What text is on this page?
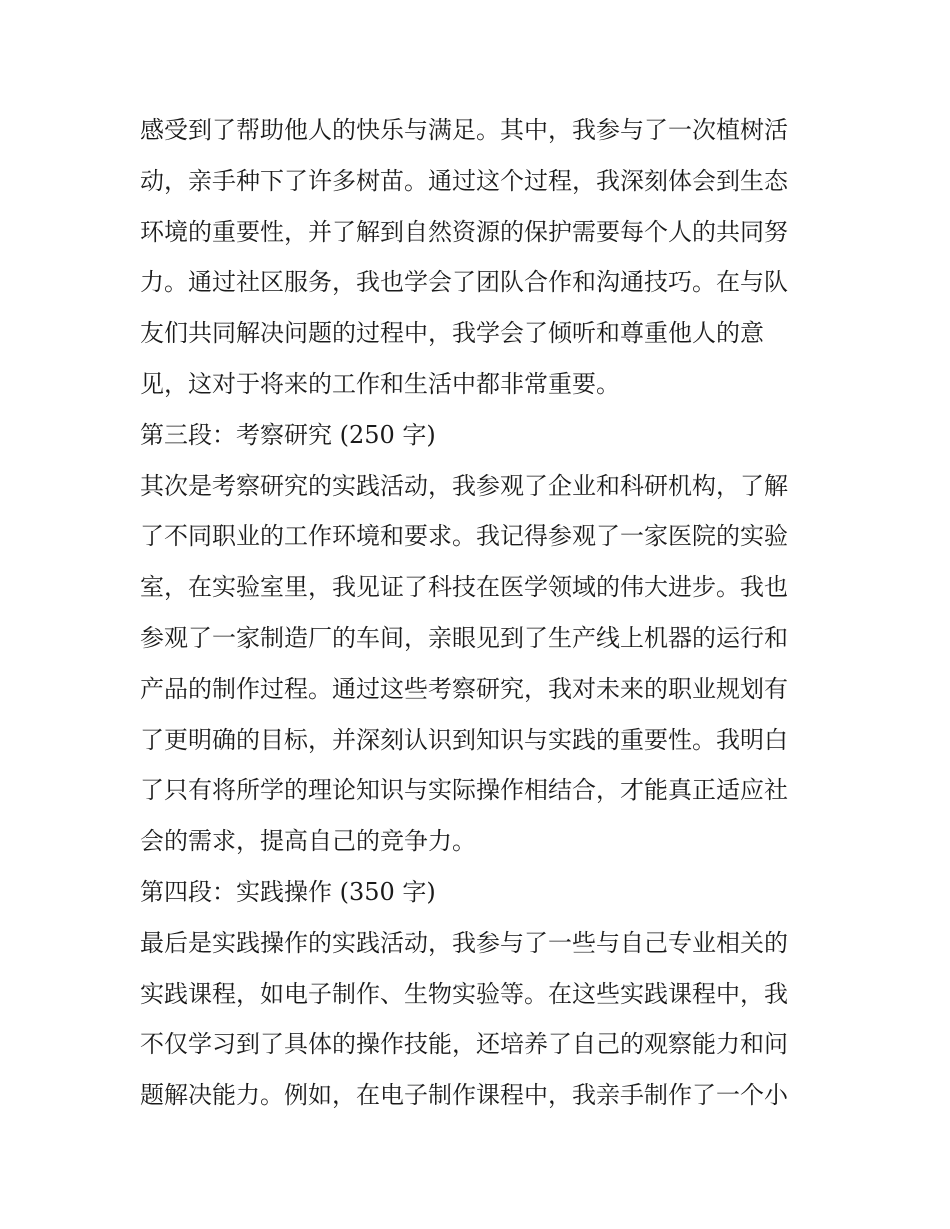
感受到了帮助他人的快乐与满足。其中，我参与了一次植树活
动，亲手种下了许多树苗。通过这个过程，我深刻体会到生态
环境的重要性，并了解到自然资源的保护需要每个人的共同努
力。通过社区服务，我也学会了团队合作和沟通技巧。在与队
友们共同解决问题的过程中，我学会了倾听和尊重他人的意
见，这对于将来的工作和生活中都非常重要。
第三段：考察研究 (250 字)
其次是考察研究的实践活动，我参观了企业和科研机构，了解
了不同职业的工作环境和要求。我记得参观了一家医院的实验
室，在实验室里，我见证了科技在医学领域的伟大进步。我也
参观了一家制造厂的车间，亲眼见到了生产线上机器的运行和
产品的制作过程。通过这些考察研究，我对未来的职业规划有
了更明确的目标，并深刻认识到知识与实践的重要性。我明白
了只有将所学的理论知识与实际操作相结合，才能真正适应社
会的需求，提高自己的竞争力。
第四段：实践操作 (350 字)
最后是实践操作的实践活动，我参与了一些与自己专业相关的
实践课程，如电子制作、生物实验等。在这些实践课程中，我
不仅学习到了具体的操作技能，还培养了自己的观察能力和问
题解决能力。例如，在电子制作课程中，我亲手制作了一个小
